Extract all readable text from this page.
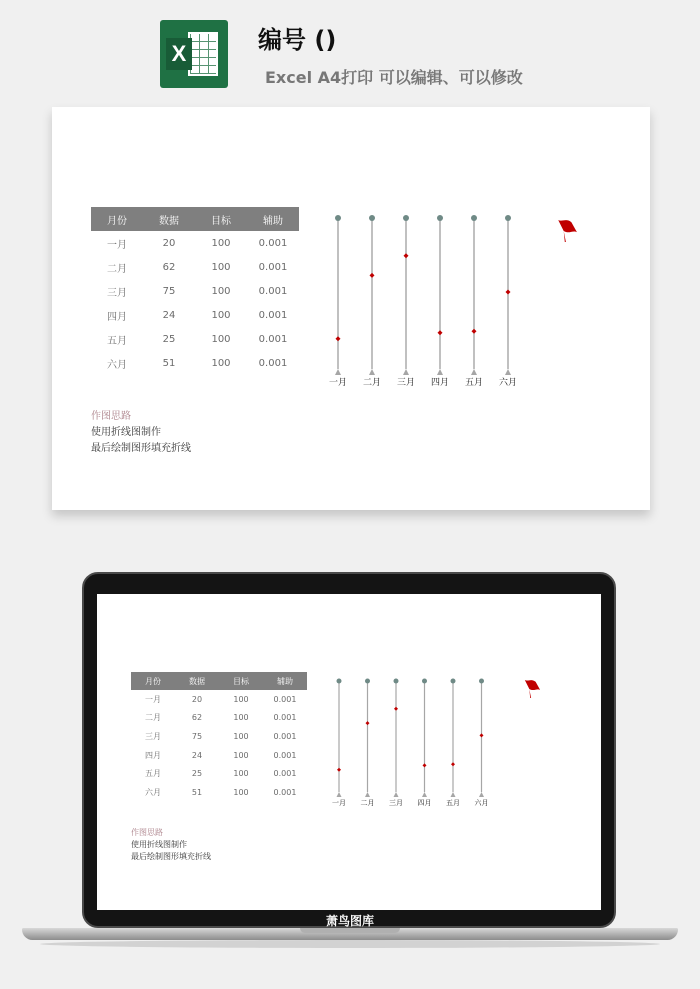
X	编号 ()
Excel A4打印 可以编辑、可以修改
月份	数据	目标	辅助
一月	20	100	0.001
二月	62	100	0.001
三月	75	100	0.001
四月	24	100	0.001
五月	25	100	0.001
六月	51	100	0.001
作图思路
使用折线图制作
最后绘制图形填充折线
一月 二月 三月 四月 五月 六月
月份	数据	目标	辅助
一月	20	100	0.001
二月	62	100	0.001
三月	75	100	0.001
四月	24	100	0.001
五月	25	100	0.001
六月	51	100	0.001
作图思路
使用折线图制作
最后绘制图形填充折线
一月 二月 三月 四月 五月 六月
萧鸟图库
